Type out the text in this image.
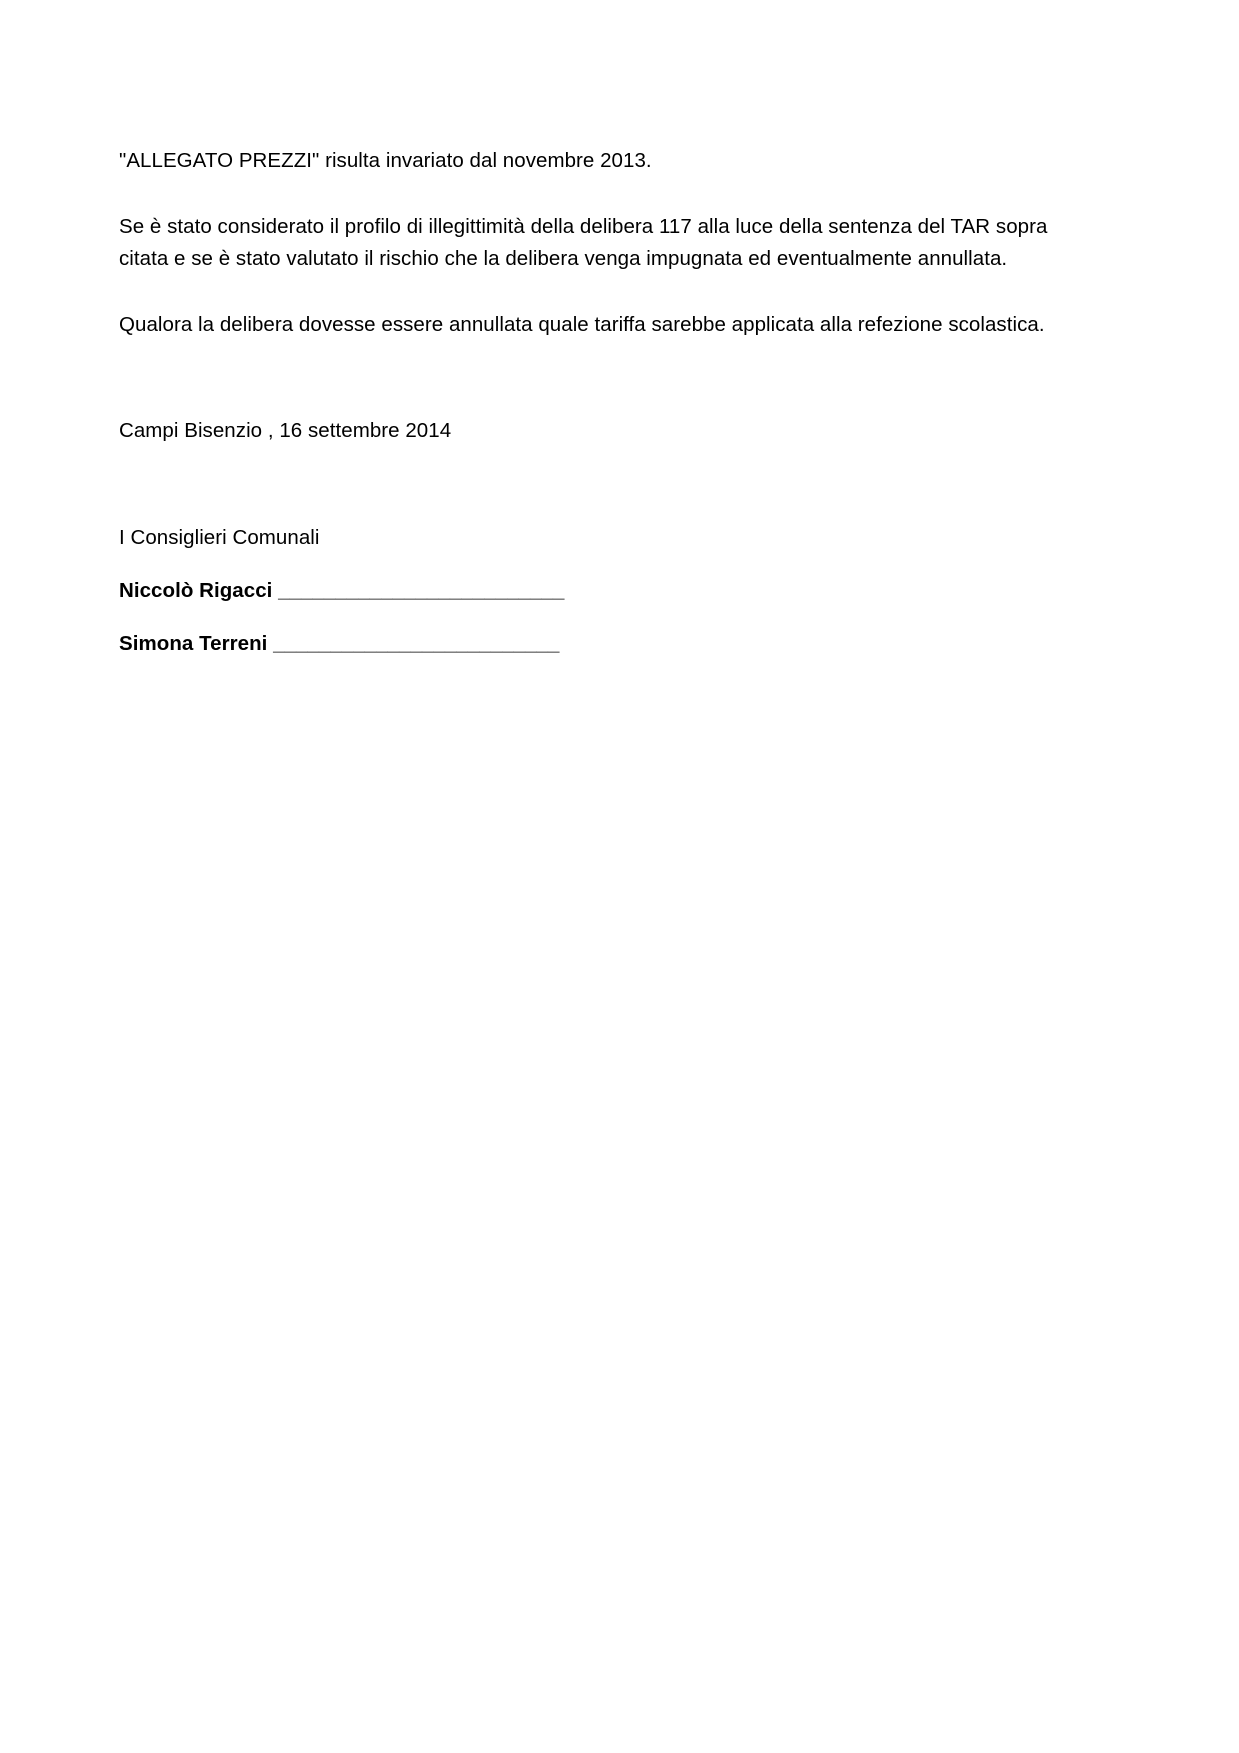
"ALLEGATO PREZZI" risulta invariato dal novembre 2013.
Se è stato considerato il profilo di illegittimità della delibera 117 alla luce della sentenza del TAR sopra
citata e se è stato valutato il rischio che la delibera venga impugnata ed eventualmente annullata.
Qualora la delibera dovesse essere annullata quale tariffa sarebbe applicata alla refezione scolastica.
Campi Bisenzio , 16 settembre 2014
I Consiglieri Comunali
Niccolò Rigacci _________________________
Simona Terreni _________________________
